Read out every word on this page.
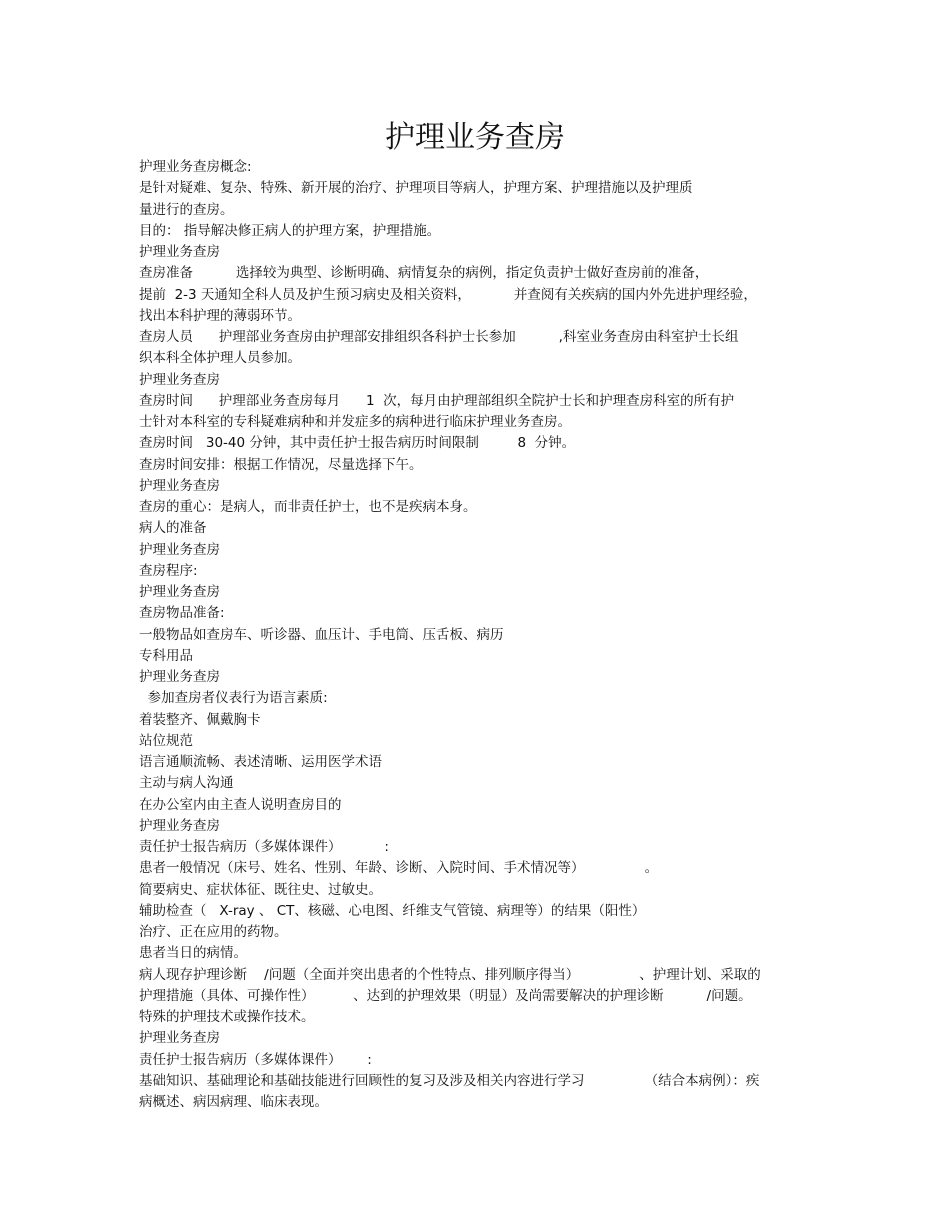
护理业务查房
护理业务查房概念:
是针对疑难、复杂、特殊、新开展的治疗、护理项目等病人，护理方案、护理措施以及护理质
量进行的查房。
目的： 指导解决修正病人的护理方案，护理措施。
护理业务查房
查房准备          选择较为典型、诊断明确、病情复杂的病例，指定负责护士做好查房前的准备，
提前  2-3 天通知全科人员及护生预习病史及相关资料，          并查阅有关疾病的国内外先进护理经验，
找出本科护理的薄弱环节。
查房人员      护理部业务查房由护理部安排组织各科护士长参加          ,科室业务查房由科室护士长组
织本科全体护理人员参加。
护理业务查房
查房时间      护理部业务查房每月      1  次，每月由护理部组织全院护士长和护理查房科室的所有护
士针对本科室的专科疑难病种和并发症多的病种进行临床护理业务查房。
查房时间   30-40 分钟，其中责任护士报告病历时间限制         8  分钟。
查房时间安排：根据工作情况，尽量选择下午。
护理业务查房
查房的重心：是病人，而非责任护士，也不是疾病本身。
病人的准备
护理业务查房
查房程序:
护理业务查房
查房物品准备:
一般物品如查房车、听诊器、血压计、手电筒、压舌板、病历
专科用品
护理业务查房
参加查房者仪表行为语言素质:
着装整齐、佩戴胸卡
站位规范
语言通顺流畅、表述清晰、运用医学术语
主动与病人沟通
在办公室内由主查人说明查房目的
护理业务查房
责任护士报告病历（多媒体课件）          :
患者一般情况（床号、姓名、性别、年龄、诊断、入院时间、手术情况等）              。
简要病史、症状体征、既往史、过敏史。
辅助检查（   X-ray 、 CT、核磁、心电图、纤维支气管镜、病理等）的结果（阳性）
治疗、正在应用的药物。
患者当日的病情。
病人现存护理诊断    /问题（全面并突出患者的个性特点、排列顺序得当）              、护理计划、采取的
护理措施（具体、可操作性）         、达到的护理效果（明显）及尚需要解决的护理诊断          /问题。
特殊的护理技术或操作技术。
护理业务查房
责任护士报告病历（多媒体课件）      :
基础知识、基础理论和基础技能进行回顾性的复习及涉及相关内容进行学习              （结合本病例）：疾
病概述、病因病理、临床表现。
